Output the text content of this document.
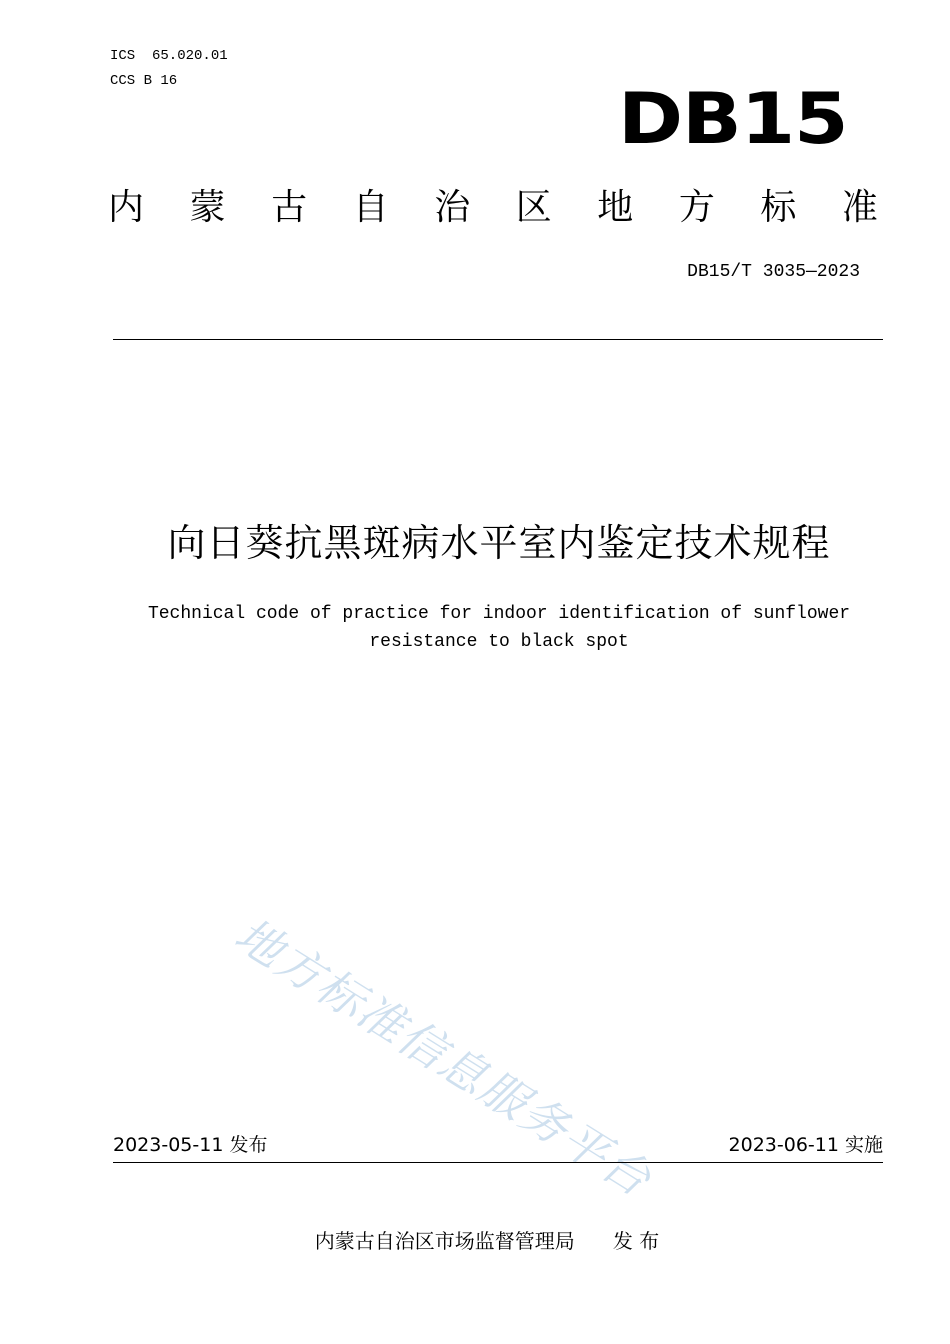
ICS  65.020.01
CCS B 16	DB15
内 蒙 古 自 治 区 地 方 标 准
DB15/T 3035—2023
向日葵抗黑斑病水平室内鉴定技术规程
Technical code of practice for indoor identification of sunflower
resistance to black spot
地方标准信息服务平台
2023-05-11 发布	2023-06-11 实施
内蒙古自治区市场监督管理局 发 布
